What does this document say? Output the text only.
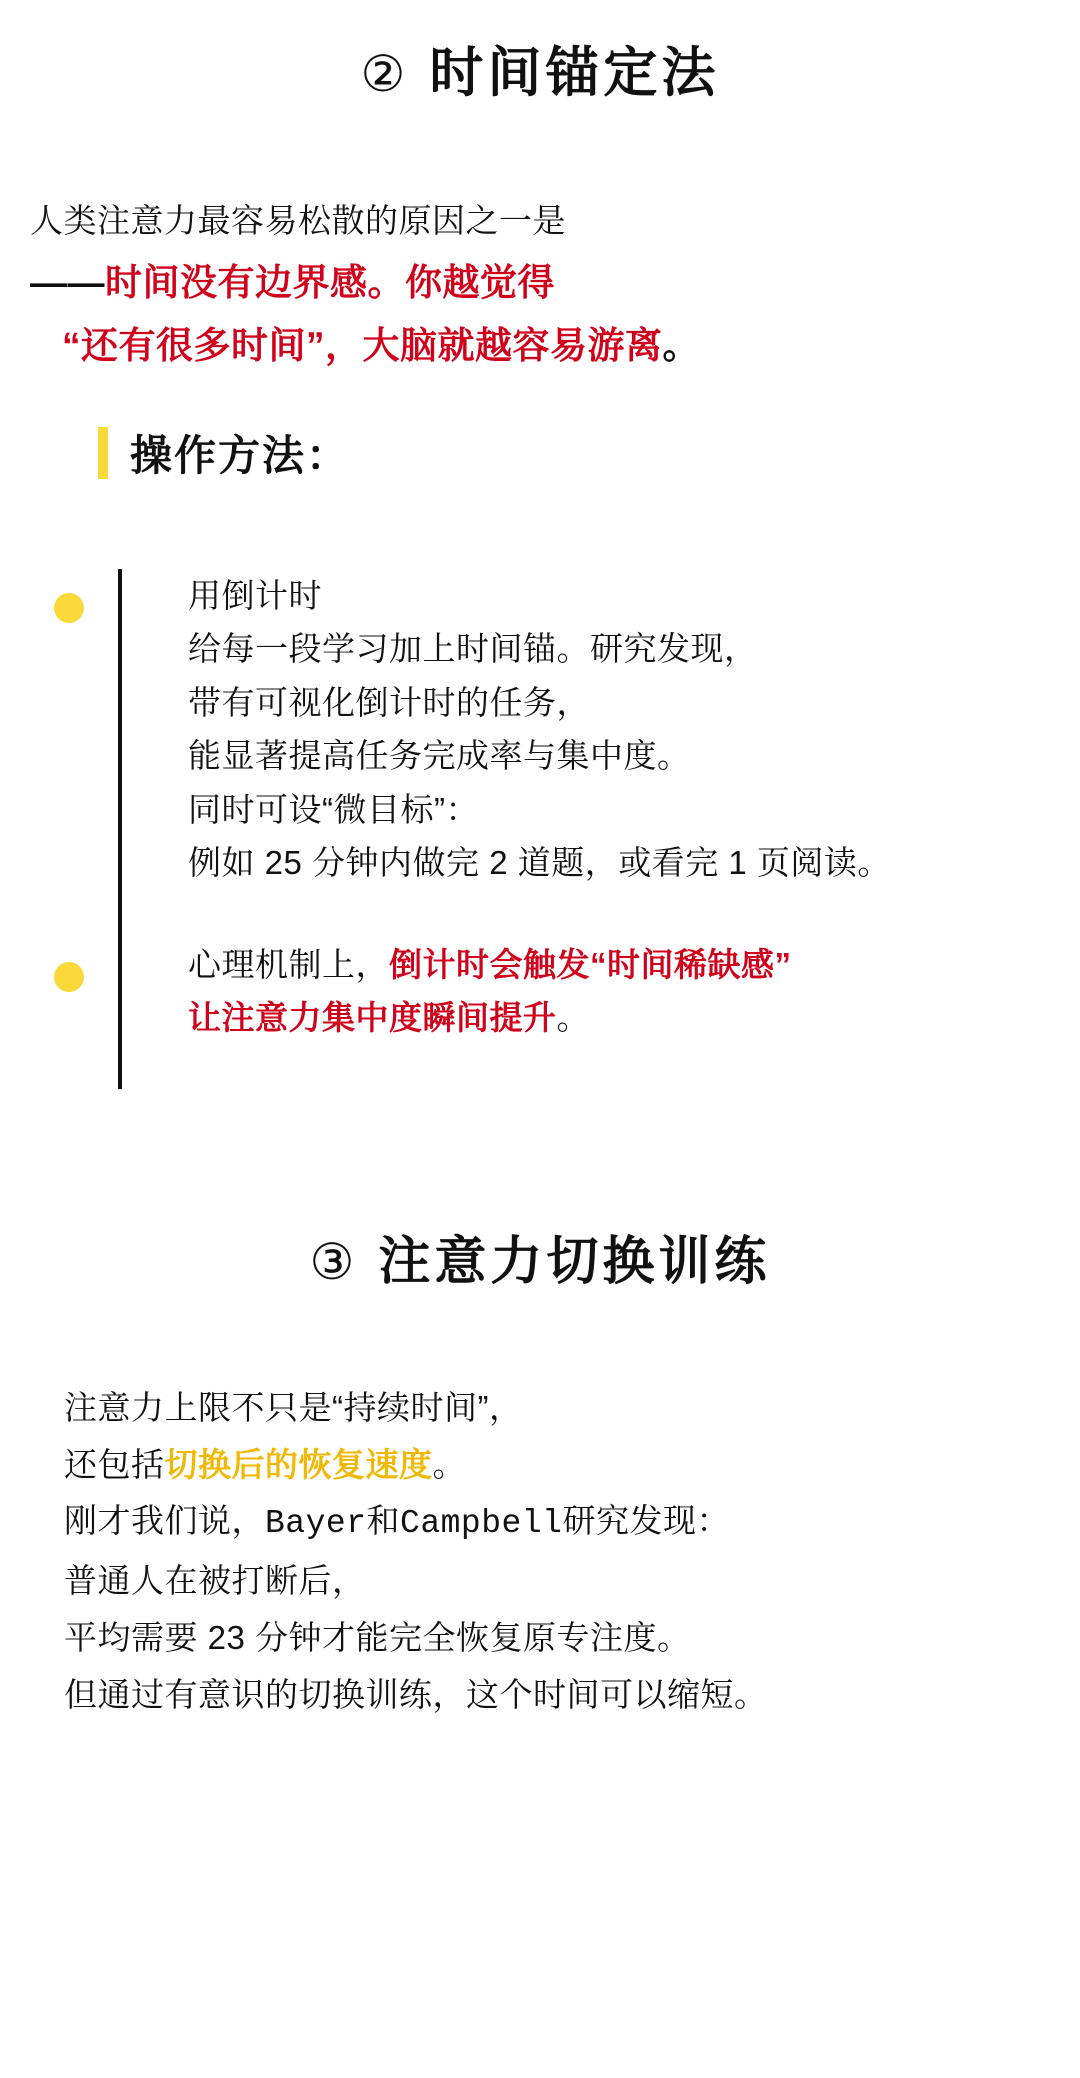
② 时间锚定法
人类注意力最容易松散的原因之一是
——时间没有边界感。你越觉得
“还有很多时间”，大脑就越容易游离。
操作方法：
用倒计时
给每一段学习加上时间锚。研究发现，
带有可视化倒计时的任务，
能显著提高任务完成率与集中度。
同时可设“微目标”：
例如 25 分钟内做完 2 道题，或看完 1 页阅读。
心理机制上，倒计时会触发“时间稀缺感”
让注意力集中度瞬间提升。
③ 注意力切换训练
注意力上限不只是“持续时间”，
还包括切换后的恢复速度。
刚才我们说，Bayer和Campbell研究发现：
普通人在被打断后，
平均需要 23 分钟才能完全恢复原专注度。
但通过有意识的切换训练，这个时间可以缩短。
